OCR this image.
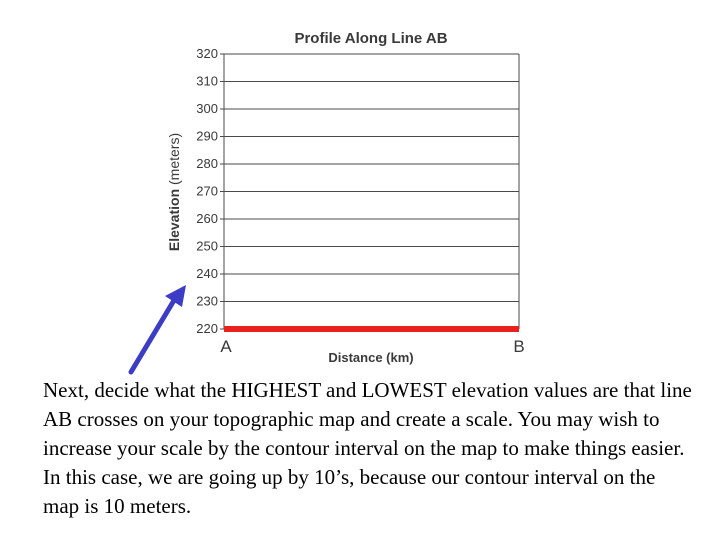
Profile Along Line AB
320
310
300
290
280
270
260
250
240
230
220
Elevation (meters)
A	B
Distance (km)
Next, decide what the HIGHEST and LOWEST elevation values are that line AB crosses on your topographic map and create a scale. You may wish to increase your scale by the contour interval on the map to make things easier. In this case, we are going up by 10’s, because our contour interval on the map is 10 meters.
